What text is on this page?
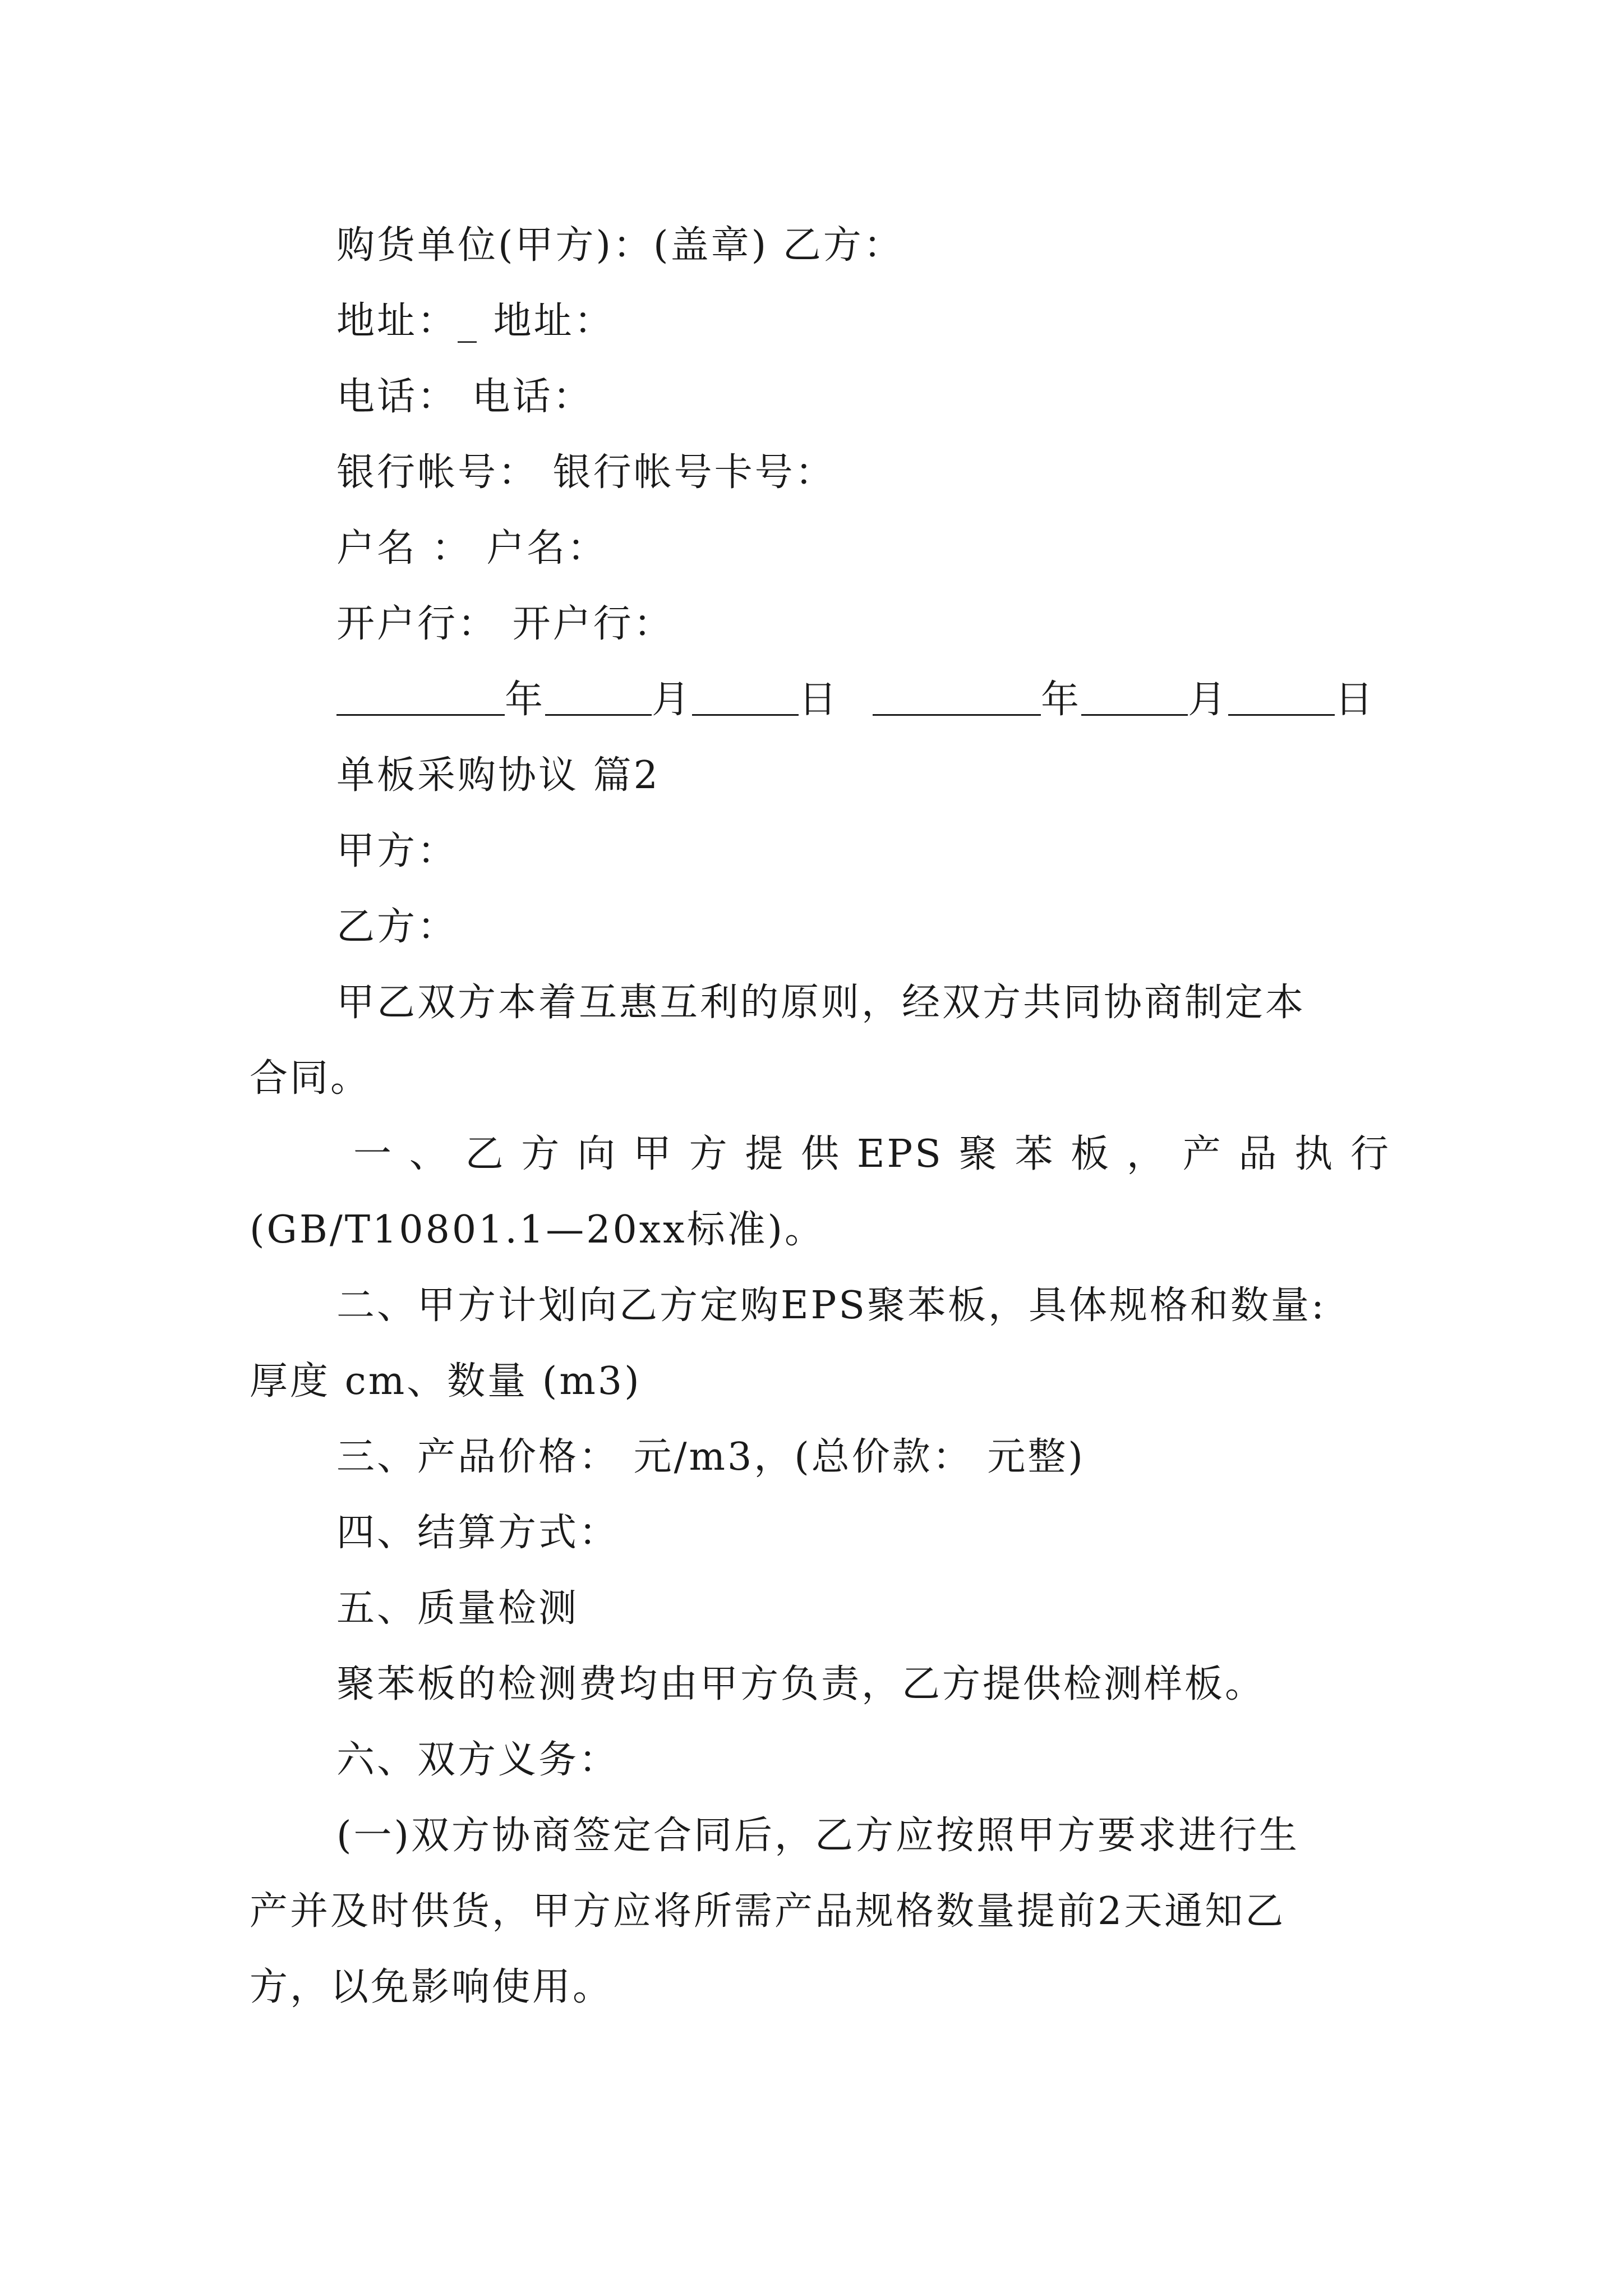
购货单位(甲方)：(盖章) 乙方：
地址：_ 地址：
电话： 电话：
银行帐号： 银行帐号卡号：
户名 ： 户名：
开户行： 开户行：
年	月	日	年	月	日
单板采购协议 篇2
甲方：
乙方：
甲乙双方本着互惠互利的原则，经双方共同协商制定本
合同。
一、乙方向甲方提供EPS聚苯板，产品执行
(GB/T10801.1—20xx标准)。
二、甲方计划向乙方定购EPS聚苯板，具体规格和数量:
厚度 cm、数量 (m3)
三、产品价格： 元/m3，(总价款： 元整)
四、结算方式：
五、质量检测
聚苯板的检测费均由甲方负责，乙方提供检测样板。
六、双方义务：
(一)双方协商签定合同后，乙方应按照甲方要求进行生
产并及时供货，甲方应将所需产品规格数量提前2天通知乙
方，以免影响使用。
